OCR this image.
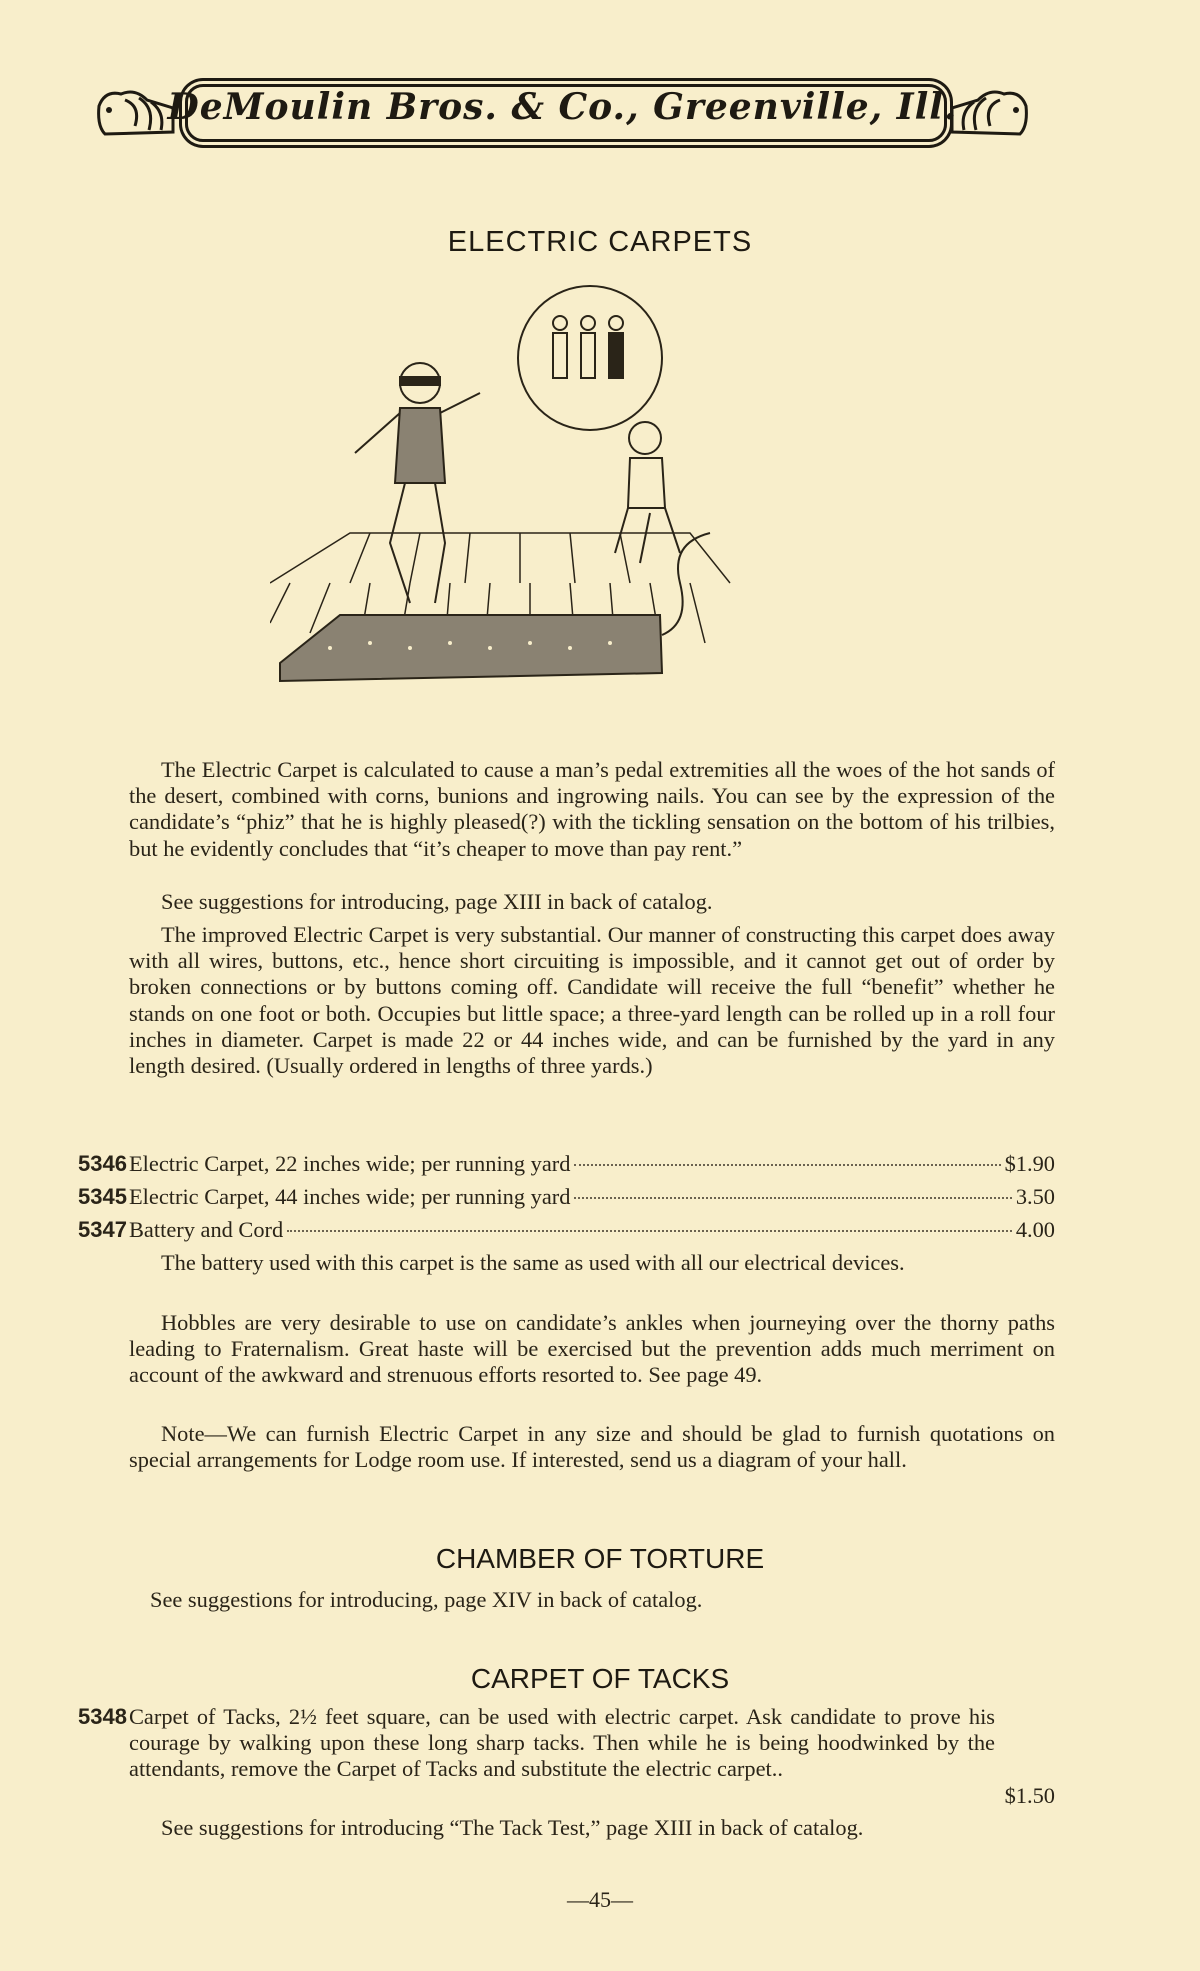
DeMoulin Bros. & Co., Greenville, Ill.
ELECTRIC CARPETS
The Electric Carpet is calculated to cause a man’s pedal extremities all the woes of the hot sands of the desert, combined with corns, bunions and ingrowing nails. You can see by the expression of the candidate’s “phiz” that he is highly pleased(?) with the tickling sensation on the bottom of his trilbies, but he evidently concludes that “it’s cheaper to move than pay rent.”
See suggestions for introducing, page XIII in back of catalog.
The improved Electric Carpet is very substantial. Our manner of constructing this carpet does away with all wires, buttons, etc., hence short circuiting is impossible, and it cannot get out of order by broken connections or by buttons coming off. Candidate will receive the full “benefit” whether he stands on one foot or both. Occupies but little space; a three-yard length can be rolled up in a roll four inches in diameter. Carpet is made 22 or 44 inches wide, and can be furnished by the yard in any length desired. (Usually ordered in lengths of three yards.)
5346 Electric Carpet, 22 inches wide; per running yard	$1.90
5345 Electric Carpet, 44 inches wide; per running yard	3.50
5347 Battery and Cord	4.00
The battery used with this carpet is the same as used with all our electrical devices.
Hobbles are very desirable to use on candidate’s ankles when journeying over the thorny paths leading to Fraternalism. Great haste will be exercised but the prevention adds much merriment on account of the awkward and strenuous efforts resorted to. See page 49.
Note—We can furnish Electric Carpet in any size and should be glad to furnish quotations on special arrangements for Lodge room use. If interested, send us a diagram of your hall.
CHAMBER OF TORTURE
See suggestions for introducing, page XIV in back of catalog.
CARPET OF TACKS
5348 Carpet of Tacks, 2½ feet square, can be used with electric carpet. Ask candidate to prove his courage by walking upon these long sharp tacks. Then while he is being hoodwinked by the attendants, remove the Carpet of Tacks and substitute the electric carpet..
$1.50
See suggestions for introducing “The Tack Test,” page XIII in back of catalog.
—45—
